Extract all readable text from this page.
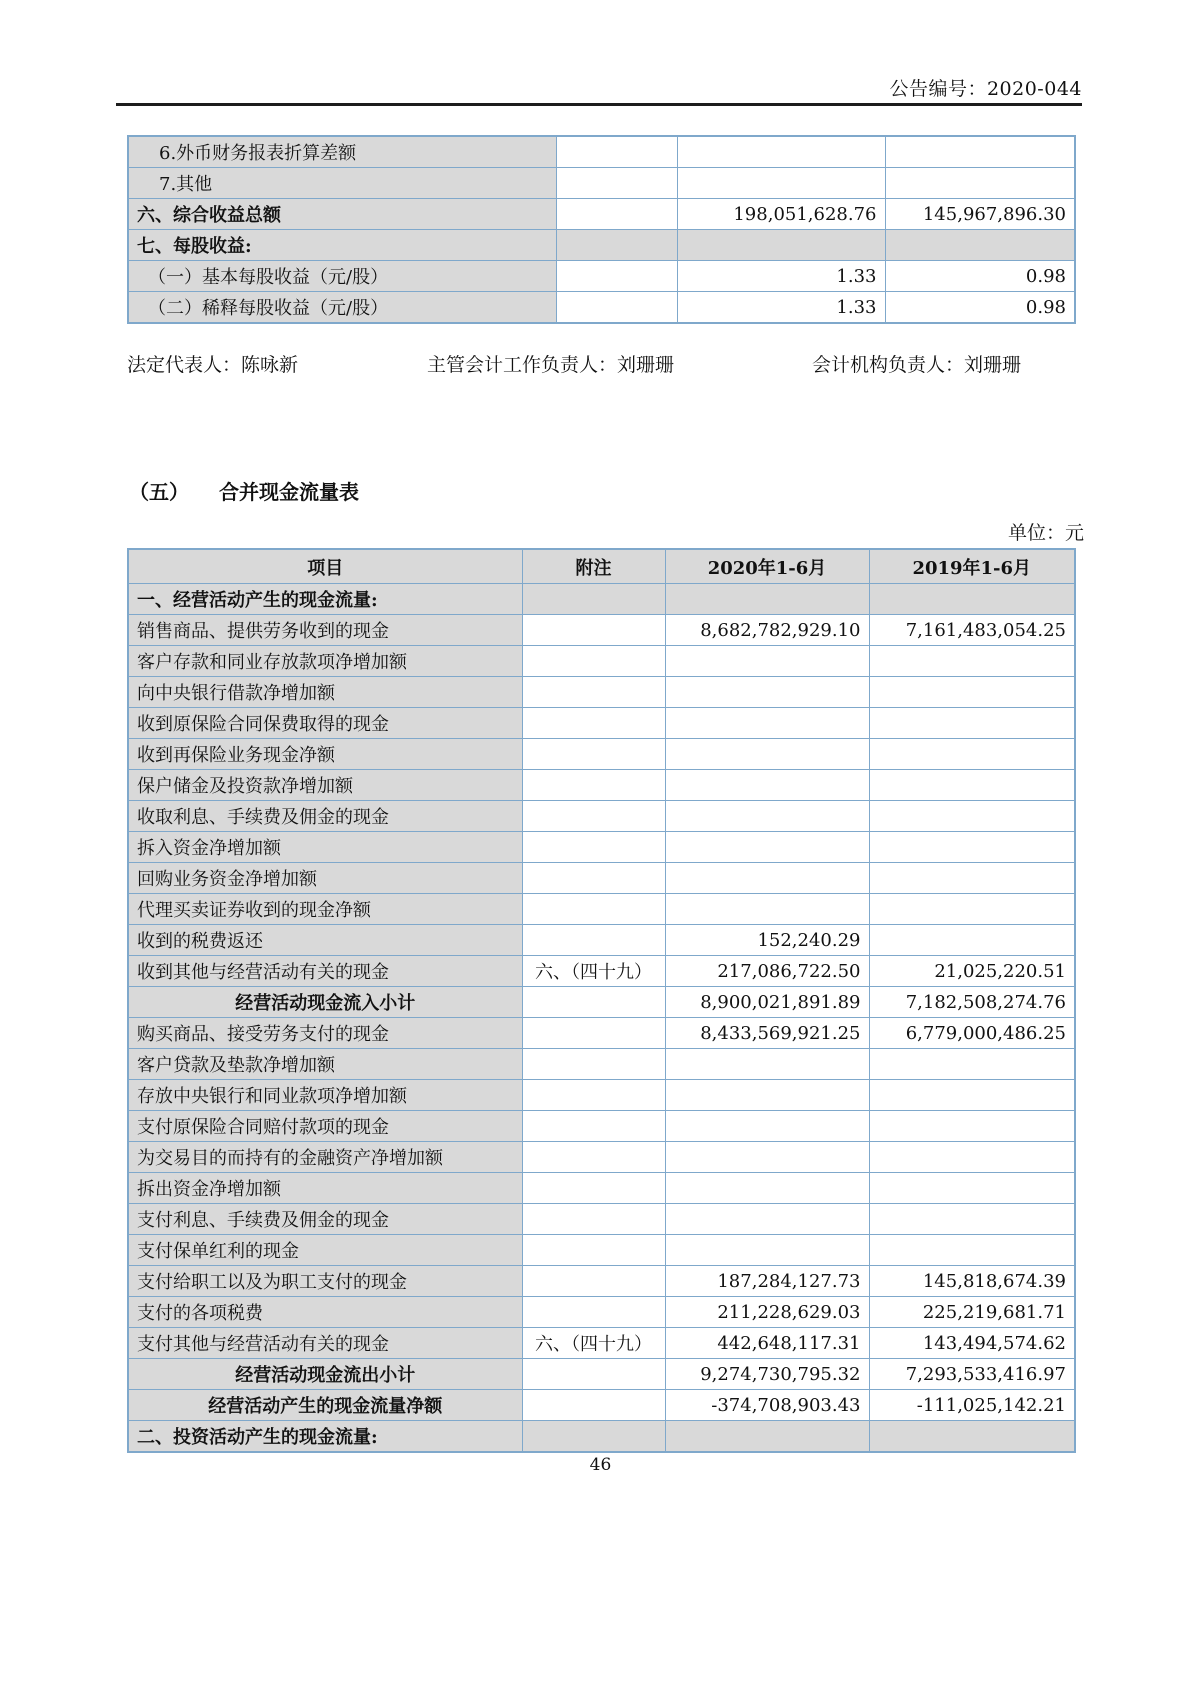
公告编号：2020-044
6.外币财务报表折算差额			
7.其他			
六、综合收益总额		198,051,628.76	145,967,896.30
七、每股收益:			
（一）基本每股收益（元/股）		1.33	0.98
（二）稀释每股收益（元/股）		1.33	0.98
法定代表人：陈咏新	主管会计工作负责人：刘珊珊	会计机构负责人：刘珊珊
（五） 合并现金流量表
单位：元
项目	附注	2020年1-6月	2019年1-6月
一、经营活动产生的现金流量:			
销售商品、提供劳务收到的现金		8,682,782,929.10	7,161,483,054.25
客户存款和同业存放款项净增加额			
向中央银行借款净增加额			
收到原保险合同保费取得的现金			
收到再保险业务现金净额			
保户储金及投资款净增加额			
收取利息、手续费及佣金的现金			
拆入资金净增加额			
回购业务资金净增加额			
代理买卖证券收到的现金净额			
收到的税费返还		152,240.29	
收到其他与经营活动有关的现金	六、（四十九）	217,086,722.50	21,025,220.51
经营活动现金流入小计		8,900,021,891.89	7,182,508,274.76
购买商品、接受劳务支付的现金		8,433,569,921.25	6,779,000,486.25
客户贷款及垫款净增加额			
存放中央银行和同业款项净增加额			
支付原保险合同赔付款项的现金			
为交易目的而持有的金融资产净增加额			
拆出资金净增加额			
支付利息、手续费及佣金的现金			
支付保单红利的现金			
支付给职工以及为职工支付的现金		187,284,127.73	145,818,674.39
支付的各项税费		211,228,629.03	225,219,681.71
支付其他与经营活动有关的现金	六、（四十九）	442,648,117.31	143,494,574.62
经营活动现金流出小计		9,274,730,795.32	7,293,533,416.97
经营活动产生的现金流量净额		-374,708,903.43	-111,025,142.21
二、投资活动产生的现金流量:			
46
